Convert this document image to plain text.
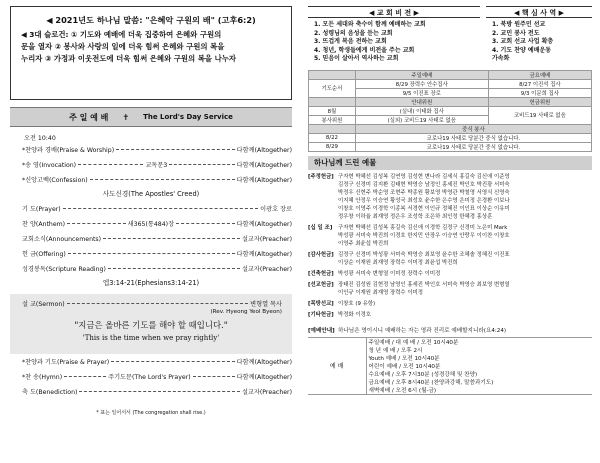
◀ 2021년도 하나님 말씀: "은혜악 구원의 배" (고후6:2)
◀ 3대 슬로건: ① 기도와 예배에 더욱 집중하여 은혜와 구원의
문을 열자 ② 봉사와 사랑의 일에 더욱 힘써 은혜와 구원의 복을
누리자 ③ 가정과 이웃전도에 더욱 힘써 은혜와 구원의 복을 나누자
주 일 예 배 ✝ The Lord's Day Service
오전 10:40
*찬양과 경배(Praise & Worship)	다함께(Altogether)
*송 영(Invocation)	교독문3	다함께(Altogether)
*신앙고백(Confession)	다함께(Altogether)
사도신경(The Apostles' Creed)
기 도(Prayer)	이광호 장로
찬 양(Anthem)	새365(통484)장	다함께(Altogether)
교회소식(Announcements)	설교자(Preacher)
헌 금(Offering)	다함께(Altogether)
성경봉독(Scripture Reading)	설교자(Preacher)
엡3:14-21(Ephesians3:14-21)
설 교(Sermon)	변형열 목사
(Rev. Hyeong Yeol Byeon)
"지금은 올바른 기도를 해야 할 때입니다."
'This is the time when we pray rightly'
*찬양과 기도(Praise & Prayer)	다함께(Altogether)
*찬 송(Hymn)	주기도문(The Lord's Prayer)	다함께(Altogether)
축 도(Benediction)	설교자(Preacher)
* 표는 일어서서 (The congregation shall rise.)
◀ 교 회 비 전 ▶
1. 모든 세대와 축수이 함께 예배하는 교회
2. 성령님의 음성을 듣는 교회
3. 뜨겁게 복음 전하는 교회
4. 청년, 학생들에게 비전을 주는 교회
5. 믿음이 살아서 역사하는 교회
◀ 핵 심 사 역 ▶
1. 북방 원주민 선교
2. 교민 봉사 전도
3. 교회 선교 사업 확충
4. 기도 찬양 예배운동
가속화
	주일예배	금요예배
기도순서	8/29 장력수 안수집사	8/27 이진석 집사
	9/5 이진표 장로	9/3 이문희 집사
	안내위원	헌금위원
8월	(실내) 이태화 집사	코비드19 사태로 없음
봉사위원	(실외) 코비드19 사태로 없음	
	중식 봉사	
8/22	코로나19 사태로 당분간 중식 없습니다.	
8/29	코로나19 사태로 당분간 중식 없습니다.	
하나님께 드린 예물
[주정헌금] 구자현 박혜선 김성복 김연영 김성현 변나라 김세식 홍길숙 김신애 이준영
김정구 신경미 김지환 김태현 박영승 남정인 홍세진 박인호 박진광 서미숙
박정우 신현주 박순영 조현주 박종원 황보영 박영관 박철영 서영식 신영숙
이지혜 안정우 이승연 황성국 최성호 윤수한 은수영 은미정 은경환 이보나
이창호 이영주 이경학 이종복 서경현 이인규 정혜진 이인표 이상순 이유미
정우창 이하율 최재영 정은우 조성학 조은하 최인정 한혜경 홍상훈
[십 일 조]	구자현 박혜선 김성복 홍길숙 김신애 이경학 김정구 신경미 노은미 Mark
박성광 서미숙 박진희 이경호 한지민 안장우 이승연 안랑우 이이찬 이창호
이영주 최윤섭 박진희
[감사헌금] 김정구 신경미 박성광 서미숙 박영승 최보영 윤수한 조혜솔 정혜진 이진표
이상순 이재원 최재영 장력수 이미정 최윤섭 박진희
[건축헌금] 박성광 서미숙 변형열 이미정 장력수 이미정
[선교헌금] 장태진 김성원 김현정 남영인 홍세진 박인호 서미숙 박영승 최보영 변형열
이인규 이재원 최재영 장력수 이미정
[목방선교] 이창호 (9 유항)
[기타헌금] 박정화 이경호
[예배안내] 하나님은 영이시니 예배하는 자는 영과 진리로 예배할지니라(요4:24)
예 배	주일예배 / 대 예 배 / 오전 10시40분
청 년 예 배 / 오후 2시
Youth 예배 / 오전 10시40분
어린이 예배 / 오전 10시40분
수요예배 / 오후 7시30분 (성경강해 및 찬양)
금요예배 / 오후 8시40분 (찬양과강해, 말씀과기도)
새벽예배 / 오전 6시 (월-금)
